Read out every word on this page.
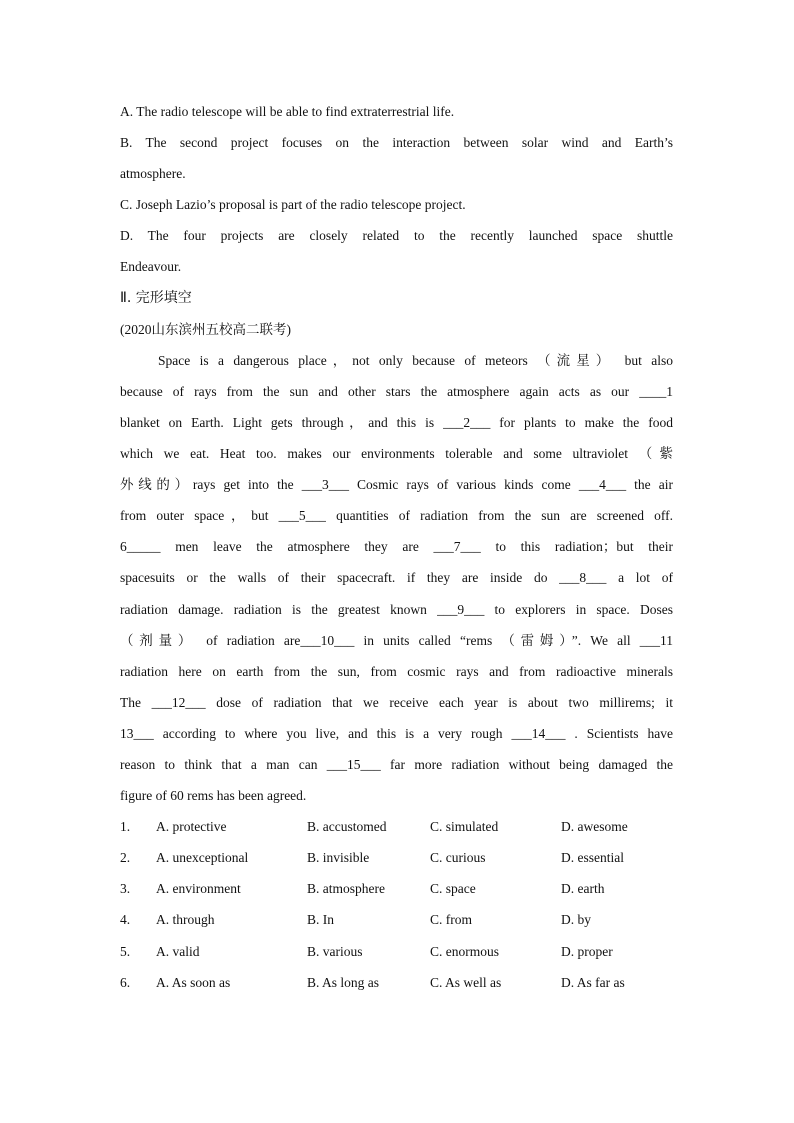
A. The radio telescope will be able to find extraterrestrial life.
B. The second project focuses on the interaction between solar wind and Earth’s
atmosphere.
C. Joseph Lazio’s proposal is part of the radio telescope project.
D. The four projects are closely related to the recently launched space shuttle
Endeavour.
Ⅱ. 完形填空
(2020山东滨州五校高二联考)
Space is a dangerous place，not only because of meteors （流星） but also
because of rays from the sun and other stars the atmosphere again acts as our ____1
blanket on Earth. Light gets through，and this is ___2___ for plants to make the food
which we eat. Heat too. makes our environments tolerable and some ultraviolet （紫
外线的）rays get into the ___3___ Cosmic rays of various kinds come ___4___ the air
from outer space，but ___5___ quantities of radiation from the sun are screened off.
6_____ men leave the atmosphere they are ___7___ to this radiation；but their
spacesuits or the walls of their spacecraft. if they are inside do ___8___ a lot of
radiation damage. radiation is the greatest known ___9___ to explorers in space. Doses
（剂量） of radiation are___10___ in units called “rems （雷姆）”. We all ___11
radiation here on earth from the sun, from cosmic rays and from radioactive minerals
The ___12___ dose of radiation that we receive each year is about two millirems; it
13___ according to where you live, and this is a very rough ___14___ . Scientists have
reason to think that a man can ___15___ far more radiation without being damaged the
figure of 60 rems has been agreed.
1. A. protective	B. accustomed	C. simulated	D. awesome
2. A. unexceptional	B. invisible	C. curious	D. essential
3. A. environment	B. atmosphere	C. space	D. earth
4. A. through	B. In	C. from	D. by
5. A. valid	B. various	C. enormous	D. proper
6. A. As soon as	B. As long as	C. As well as	D. As far as
